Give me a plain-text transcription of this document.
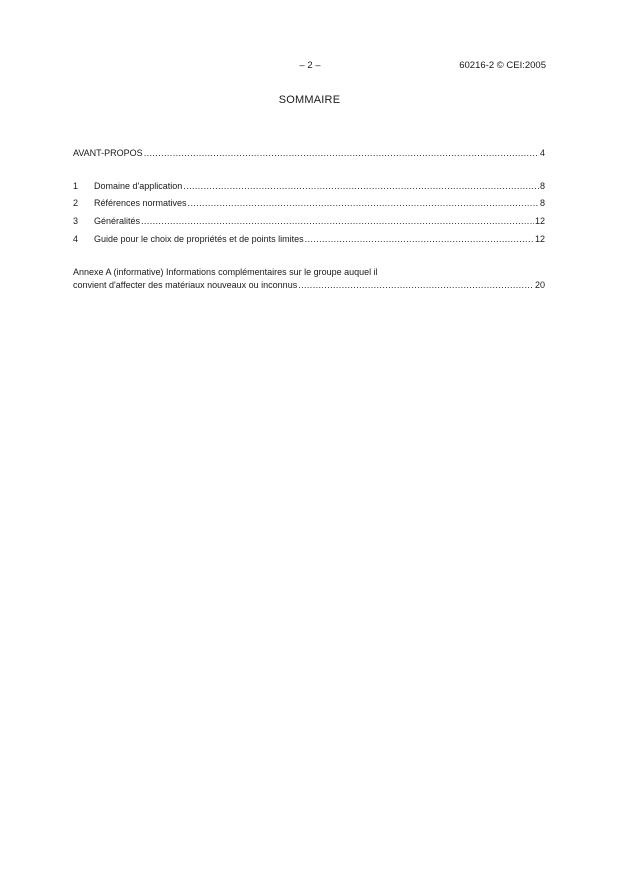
– 2 –	60216-2 © CEI:2005
SOMMAIRE
AVANT-PROPOS .....	4
1	Domaine d'application .....	8
2	Références normatives .....	8
3	Généralités .....	12
4	Guide pour le choix de propriétés et de points limites .....	12
Annexe A (informative) Informations complémentaires sur le groupe auquel il
convient d'affecter des matériaux nouveaux ou inconnus .....	20
